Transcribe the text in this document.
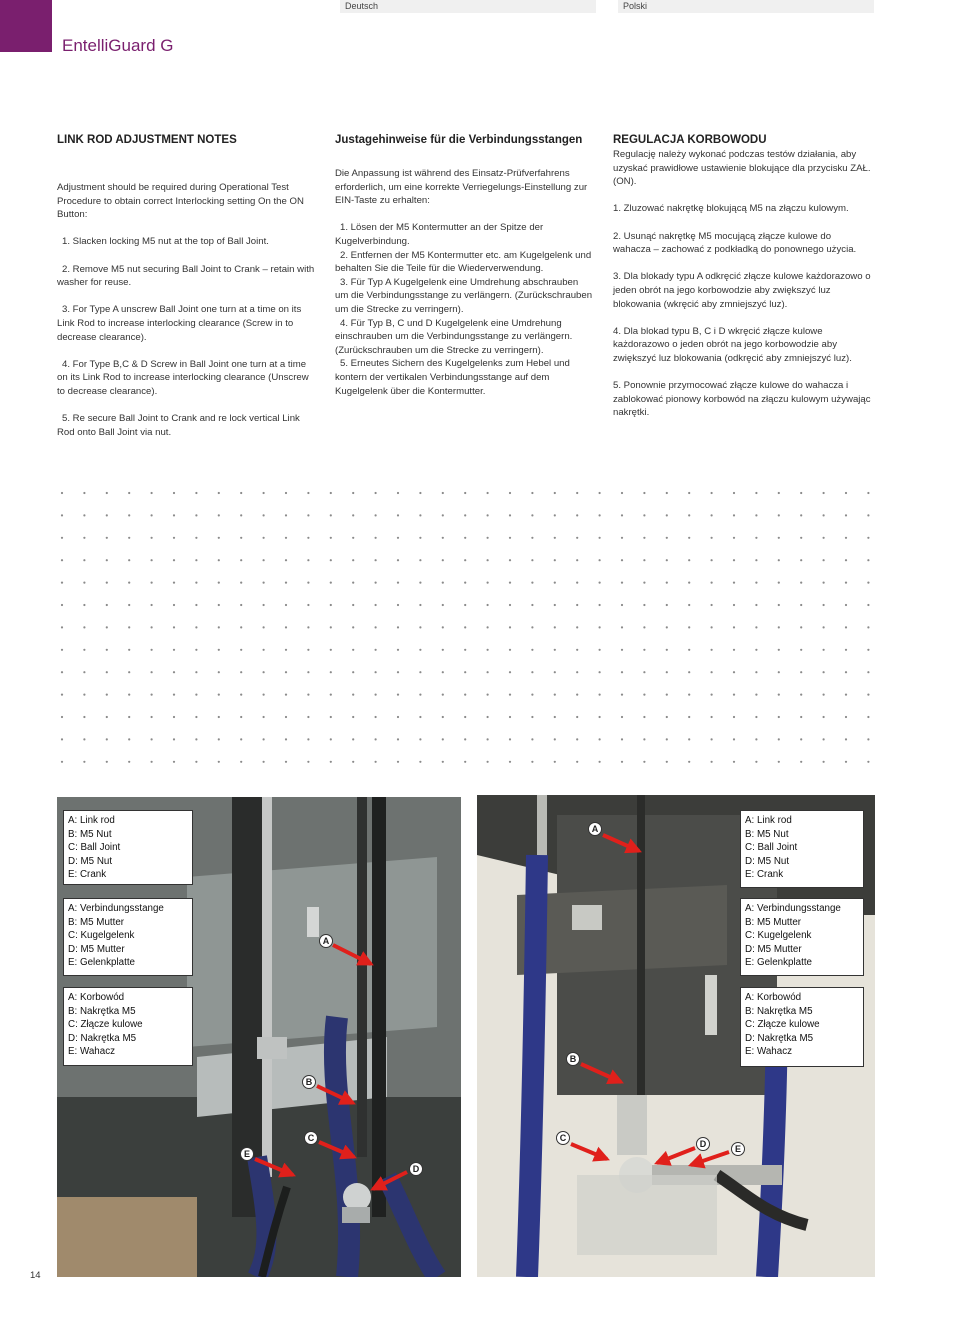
EntelliGuard G
Deutsch	Polski
LINK ROD ADJUSTMENT NOTES

Adjustment should be required during Operational Test Procedure to obtain correct Interlocking setting On the ON Button:

1. Slacken locking M5 nut at the top of Ball Joint.

2. Remove M5 nut securing Ball Joint to Crank – retain with washer for reuse.

3. For Type A unscrew Ball Joint one turn at a time on its Link Rod to increase interlocking clearance (Screw in to decrease clearance).

4. For Type B,C & D Screw in Ball Joint one turn at a time on its Link Rod to increase interlocking clearance (Unscrew to decrease clearance).

5. Re secure Ball Joint to Crank and re lock vertical Link Rod onto Ball Joint via nut.

Justagehinweise für die Verbindungsstangen

Die Anpassung ist während des Einsatz-Prüfverfahrens erforderlich, um eine korrekte Verriegelungs-Einstellung zur EIN-Taste zu erhalten:

1. Lösen der M5 Kontermutter an der Spitze der Kugelverbindung.

2. Entfernen der M5 Kontermutter etc. am Kugelgelenk und behalten Sie die Teile für die Wiederverwendung.

3. Für Typ A Kugelgelenk eine Umdrehung abschrauben um die Verbindungsstange zu verlängern. (Zurückschrauben um die Strecke zu verringern).

4. Für Typ B, C und D Kugelgelenk eine Umdrehung einschrauben um die Verbindungsstange zu verlängern. (Zurückschrauben um die Strecke zu verringern).

5. Erneutes Sichern des Kugelgelenks zum Hebel und kontern der vertikalen Verbindungsstange auf dem Kugelgelenk über die Kontermutter.

REGULACJA KORBOWODU

Regulację należy wykonać podczas testów działania, aby uzyskać prawidłowe ustawienie blokujące dla przycisku ZAŁ. (ON).

1. Zluzować nakrętkę blokującą M5 na złączu kulowym.

2. Usunąć nakrętkę M5 mocującą złącze kulowe do wahacza – zachować z podkładką do ponownego użycia.

3. Dla blokady typu A odkręcić złącze kulowe każdorazowo o jeden obrót na jego korbowodzie aby zwiększyć luz blokowania (wkręcić aby zmniejszyć luz).

4. Dla blokad typu B, C i D wkręcić złącze kulowe każdorazowo o jeden obrót na jego korbowodzie aby zwiększyć luz blokowania (odkręcić aby zmniejszyć luz).

5. Ponownie przymocować złącze kulowe do wahacza i zablokować pionowy korbowód na złączu kulowym używając nakrętki.

A: Link rod
B: M5 Nut
C: Ball Joint
D: M5 Nut
E: Crank
A: Verbindungsstange
B: M5 Mutter
C: Kugelgelenk
D: M5 Mutter
E: Gelenkplatte
A: Korbowód
B: Nakrętka M5
C: Złącze kulowe
D: Nakrętka M5
E: Wahacz
A
B
C
D
E
A: Link rod
B: M5 Nut
C: Ball Joint
D: M5 Nut
E: Crank
A: Verbindungsstange
B: M5 Mutter
C: Kugelgelenk
D: M5 Mutter
E: Gelenkplatte
A: Korbowód
B: Nakrętka M5
C: Złącze kulowe
D: Nakrętka M5
E: Wahacz
A
B
C
D	E
14
